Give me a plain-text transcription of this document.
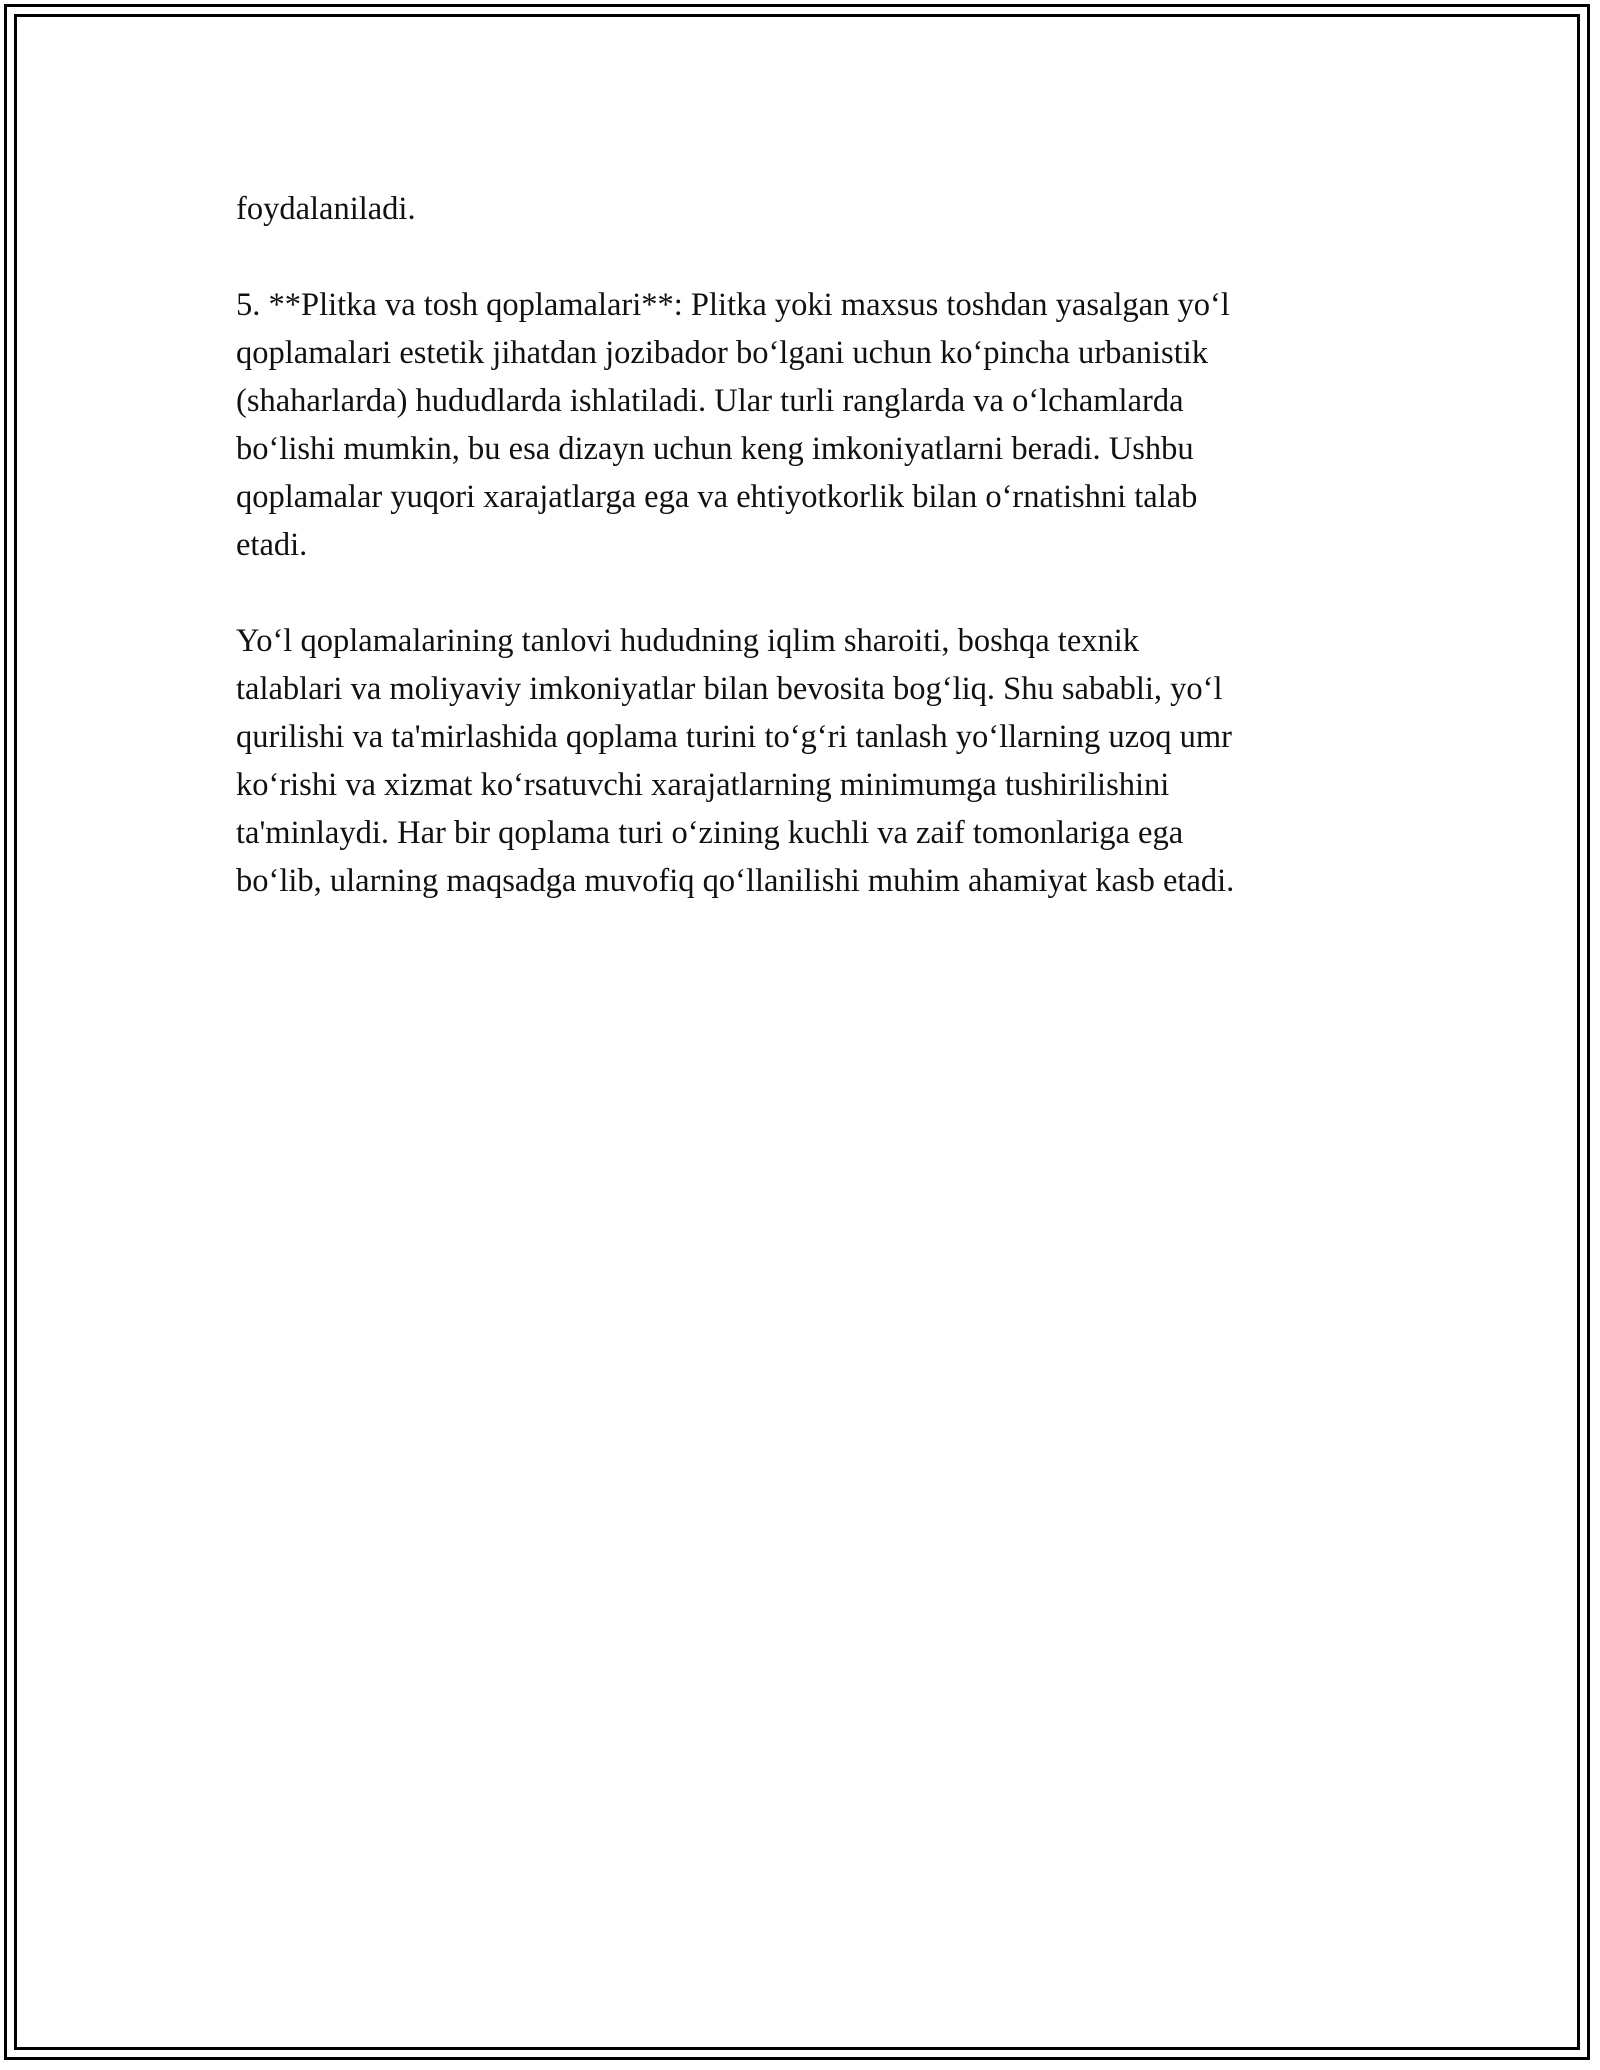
foydalaniladi.

5. **Plitka va tosh qoplamalari**: Plitka yoki maxsus toshdan yasalgan yo‘l
qoplamalari estetik jihatdan jozibador bo‘lgani uchun ko‘pincha urbanistik
(shaharlarda) hududlarda ishlatiladi. Ular turli ranglarda va o‘lchamlarda
bo‘lishi mumkin, bu esa dizayn uchun keng imkoniyatlarni beradi. Ushbu
qoplamalar yuqori xarajatlarga ega va ehtiyotkorlik bilan o‘rnatishni talab
etadi.

Yo‘l qoplamalarining tanlovi hududning iqlim sharoiti, boshqa texnik
talablari va moliyaviy imkoniyatlar bilan bevosita bog‘liq. Shu sababli, yo‘l
qurilishi va ta'mirlashida qoplama turini to‘g‘ri tanlash yo‘llarning uzoq umr
ko‘rishi va xizmat ko‘rsatuvchi xarajatlarning minimumga tushirilishini
ta'minlaydi. Har bir qoplama turi o‘zining kuchli va zaif tomonlariga ega
bo‘lib, ularning maqsadga muvofiq qo‘llanilishi muhim ahamiyat kasb etadi.
